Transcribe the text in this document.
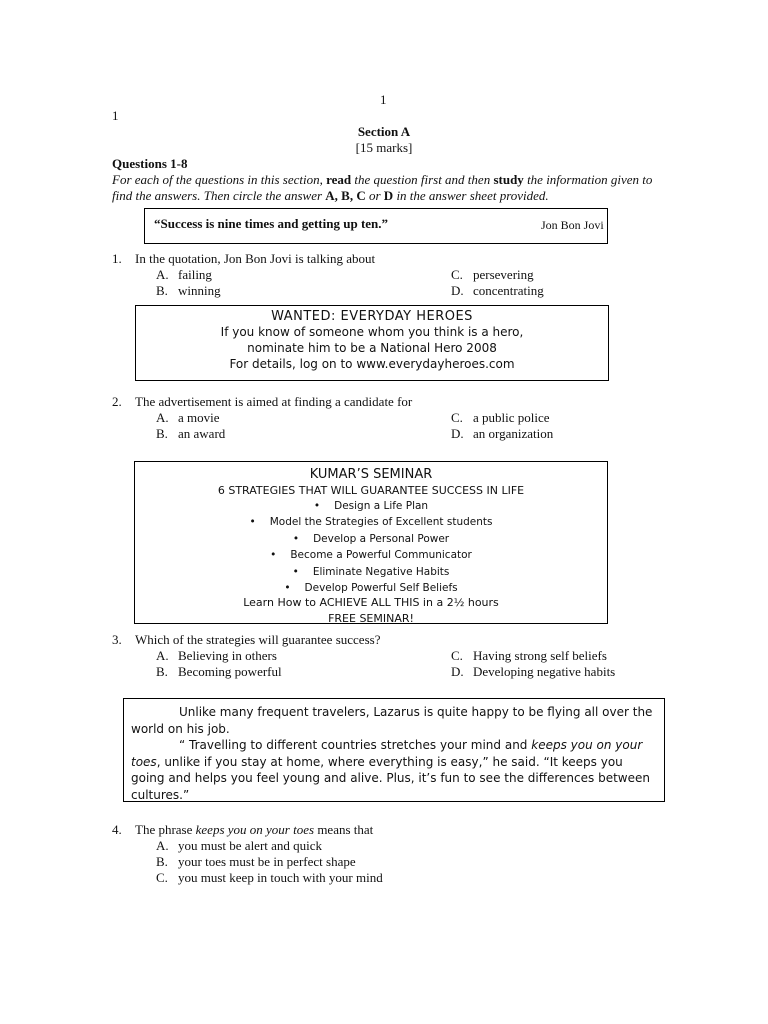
1
1
Section A
[15 marks]
Questions 1-8
For each of the questions in this section, read the question first and then study the information given to find the answers. Then circle the answer A, B, C or D in the answer sheet provided.
“Success is nine times and getting up ten.”	Jon Bon Jovi
1. In the quotation, Jon Bon Jovi is talking about
A. failing
B. winning
C. persevering
D. concentrating
WANTED: EVERYDAY HEROES
If you know of someone whom you think is a hero,
nominate him to be a National Hero 2008
For details, log on to www.everydayheroes.com
2. The advertisement is aimed at finding a candidate for
A. a movie
B. an award
C. a public police
D. an organization
KUMAR’S SEMINAR
6 STRATEGIES THAT WILL GUARANTEE SUCCESS IN LIFE
• Design a Life Plan
• Model the Strategies of Excellent students
• Develop a Personal Power
• Become a Powerful Communicator
• Eliminate Negative Habits
• Develop Powerful Self Beliefs
Learn How to ACHIEVE ALL THIS in a 2½ hours
FREE SEMINAR!
3. Which of the strategies will guarantee success?
A. Believing in others
B. Becoming powerful
C. Having strong self beliefs
D. Developing negative habits

Unlike many frequent travelers, Lazarus is quite happy to be flying all over the world on his job.

“ Travelling to different countries stretches your mind and keeps you on your toes, unlike if you stay at home, where everything is easy,” he said. “It keeps you going and helps you feel young and alive. Plus, it’s fun to see the differences between cultures.”

4. The phrase keeps you on your toes means that
A. you must be alert and quick
B. your toes must be in perfect shape
C. you must keep in touch with your mind
